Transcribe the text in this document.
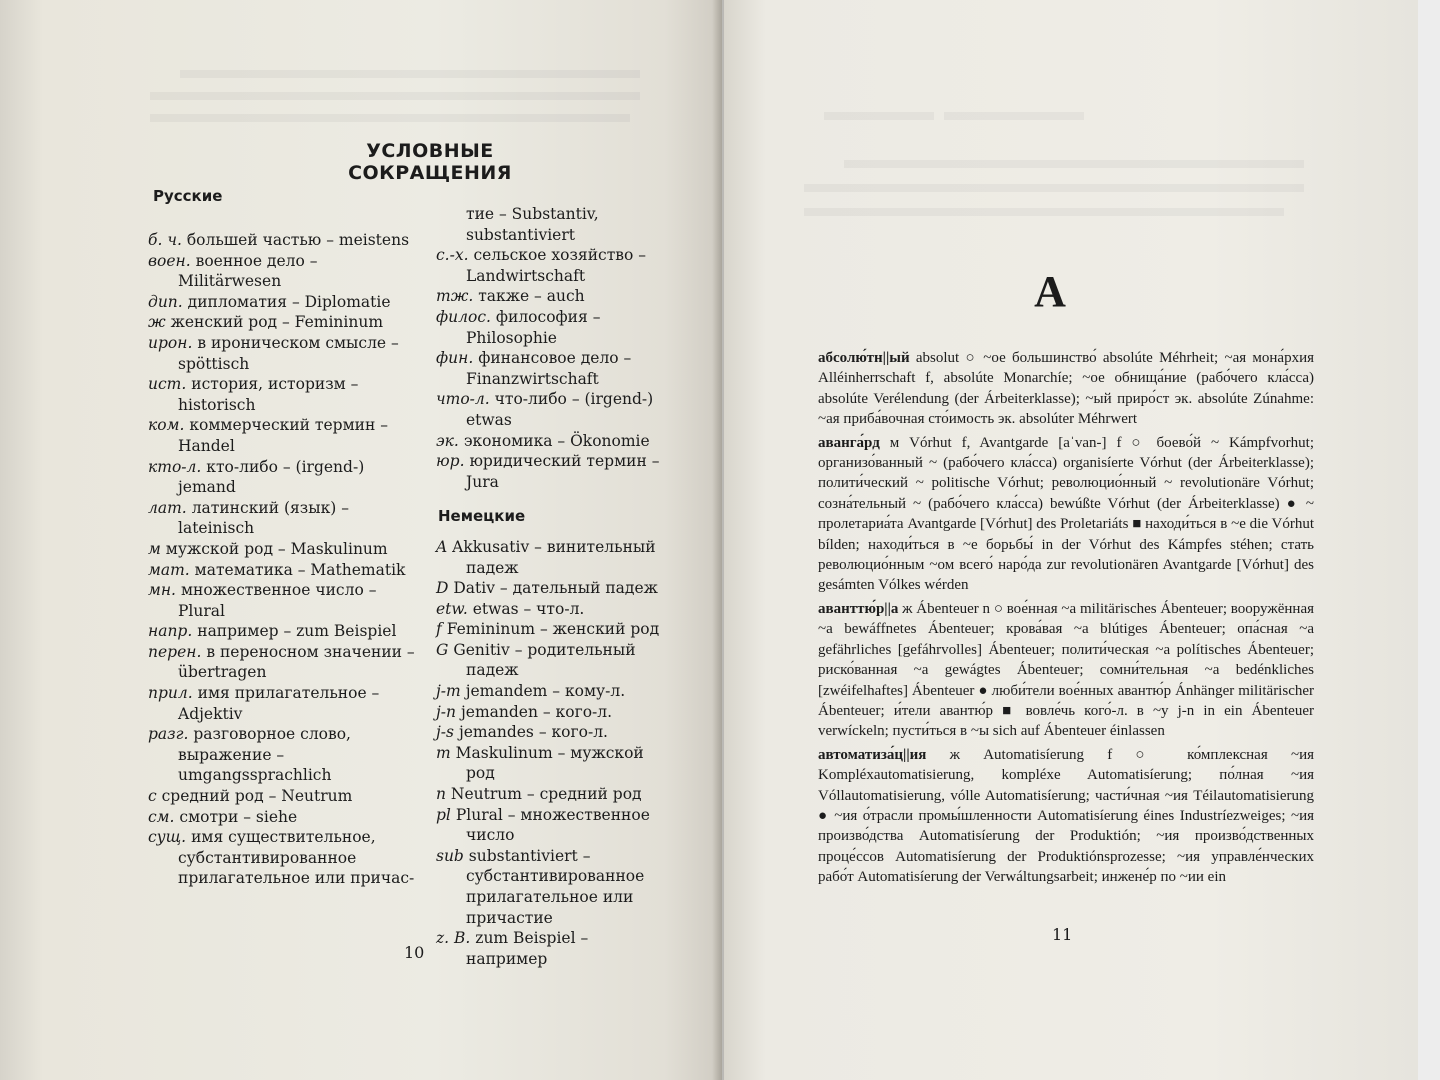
УСЛОВНЫЕ
СОКРАЩЕНИЯ
Русские

б. ч. большей частью – meistens

воен. военное дело – Militärwesen

дип. дипломатия – Diplomatie

ж женский род – Femininum

ирон. в ироническом смысле – spöttisch

ист. история, историзм – historisch

ком. коммерческий термин – Handel

кто-л. кто-либо – (irgend-) jemand

лат. латинский (язык) – lateinisch

м мужской род – Maskulinum

мат. математика – Mathematik

мн. множественное число – Plural

напр. например – zum Beispiel

перен. в переносном значении – übertragen

прил. имя прилагательное – Adjektiv

разг. разговорное слово, выражение – umgangssprachlich

с средний род – Neutrum

см. смотри – siehe

сущ. имя существительное, субстантивированное прилагательное или причас-

тие – Substantiv, substantiviert

с.-х. сельское хозяйство – Landwirtschaft

тж. также – auch

филос. философия – Philosophie

фин. финансовое дело – Finanzwirtschaft

что-л. что-либо – (irgend-) etwas

эк. экономика – Ökonomie

юр. юридический термин – Jura

Немецкие

A Akkusativ – винительный падеж

D Dativ – дательный падеж

etw. etwas – что-л.

f Femininum – женский род

G Genitiv – родительный падеж

j-m jemandem – кому-л.

j-n jemanden – кого-л.

j-s jemandes – кого-л.

m Maskulinum – мужской род

n Neutrum – средний род

pl Plural – множественное число

sub substantiviert – субстантивированное прилагательное или причастие

z. B. zum Beispiel – например

10
A

абсолю́тн||ый absolut ○ ~ое большинство́ absolúte Méhrheit; ~ая мона́рхия Alléinherrschaft f, absolúte Monarchíe; ~ое обнища́ние (рабо́чего кла́сса) absolúte Verélendung (der Árbeiterklasse); ~ый приро́ст эк. absolúte Zúnahme: ~ая приба́вочная сто́имость эк. absolúter Méhrwert

аванга́рд м Vórhut f, Avantgarde [aˈvan-] f ○ боево́й ~ Kámpfvorhut; организо́ванный ~ (рабо́чего кла́сса) organisíerte Vórhut (der Árbeiterklasse); полити́ческий ~ politische Vórhut; революцио́нный ~ revolutionäre Vórhut; созна́тельный ~ (рабо́чего кла́сса) bewúßte Vórhut (der Árbeiterklasse) ● ~ пролетариа́та Avantgarde [Vórhut] des Proletariáts ■ находи́ться в ~е die Vórhut bílden; находи́ться в ~е борьбы́ in der Vórhut des Kámpfes stéhen; стать революцио́нным ~ом всего́ наро́да zur revolutionären Avantgarde [Vórhut] des gesámten Vólkes wérden

аванттю́р||а ж Ábenteuer n ○ вое́нная ~а militärisches Ábenteuer; вооружённая ~а bewáffnetes Ábenteuer; крова́вая ~а blútiges Ábenteuer; опа́сная ~а gefährliches [gefáhrvolles] Ábenteuer; полити́ческая ~а polítisches Ábenteuer; риско́ванная ~а gewágtes Ábenteuer; сомни́тельная ~а bedénkliches [zwéifelhaftes] Ábenteuer ● люби́тели вое́нных авантю́р Ánhänger militärischer Ábenteuer; и́тели авантю́р ■ вовле́чь кого́-л. в ~у j-n in ein Ábenteuer verwíckeln; пусти́ться в ~ы sich auf Ábenteuer éinlassen

автоматиза́ц||ия ж Automatisíerung f ○ ко́мплексная ~ия Kompléxautomatisierung, kompléxe Automatisíerung; по́лная ~ия Vóllautomatisierung, vólle Automatisíerung; части́чная ~ия Téilautomatisierung ● ~ия о́трасли промы́шленности Automatisíerung éines Industríezweiges; ~ия произво́дства Automatisíerung der Produktión; ~ия произво́дственных проце́ссов Automatisíerung der Produktiónsprozesse; ~ия управле́нческих рабо́т Automatisíerung der Verwáltungsarbeit; инжене́р по ~ии ein

11
